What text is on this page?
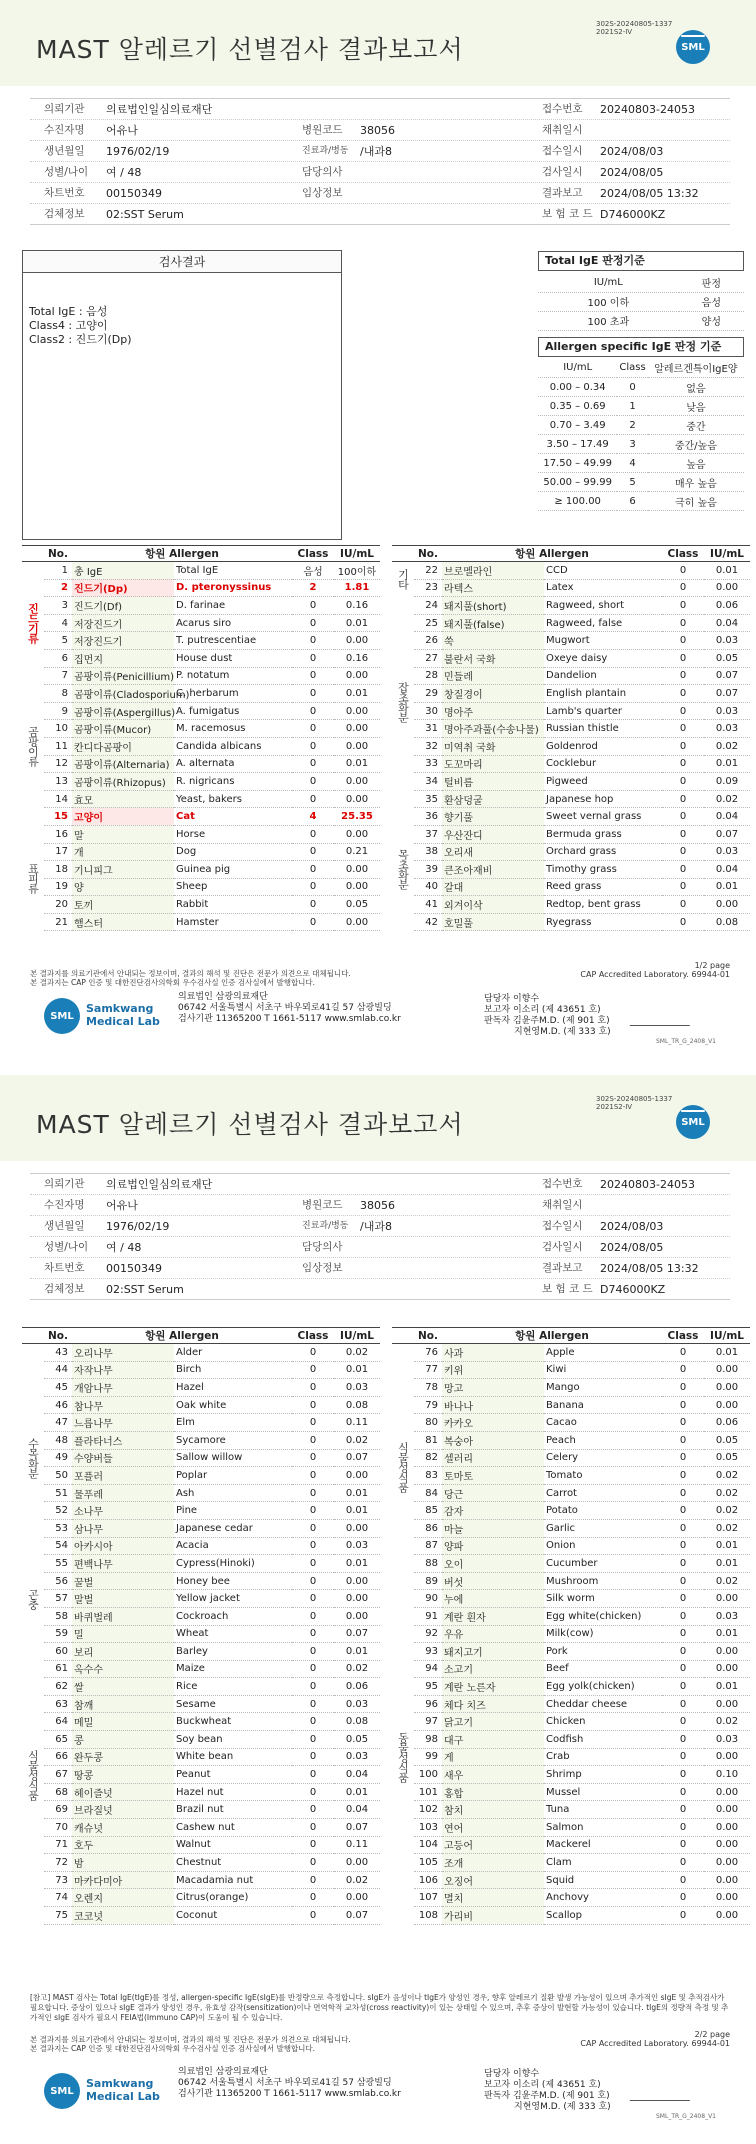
MAST 알레르기 선별검사 결과보고서
302S-20240805-1337
2021S2-IV
SML
의뢰기관 의료법인일심의료재단	접수번호 20240803-24053
수진자명 어유나	병원코드 38056	채취일시
생년월일 1976/02/19	진료과/병동 /내과8	접수일시 2024/08/03
성별/나이 여 / 48	담당의사	검사일시 2024/08/05
차트번호 00150349	임상정보	결과보고 2024/08/05 13:32
검체정보 02:SST Serum	보 험 코 드 D746000KZ
검사결과
Total IgE : 음성
Class4 : 고양이
Class2 : 진드기(Dp)
Total IgE 판정기준
IU/mL	판정
100 이하	음성
100 초과	양성
Allergen specific IgE 판정 기준
IU/mL	Class	알레르겐특이IgE양
0.00 – 0.34	0	없음
0.35 – 0.69	1	낮음
0.70 – 3.49	2	중간
3.50 – 17.49	3	중간/높음
17.50 – 49.99	4	높음
50.00 – 99.99	5	매우 높음
≥ 100.00	6	극히 높음
	No.	항원 Allergen		Class	IU/mL
	1	총 IgE	Total IgE	음성	100이하
진드기류	2	진드기(Dp)	D. pteronyssinus	2	1.81
	3	진드기(Df)	D. farinae	0	0.16
	4	저장진드기	Acarus siro	0	0.01
	5	저장진드기	T. putrescentiae	0	0.00
	6	집먼지	House dust	0	0.16
곰팡이류	7	곰팡이류(Penicillium)	P. notatum	0	0.00
	8	곰팡이류(Cladosporium)	C. herbarum	0	0.01
	9	곰팡이류(Aspergillus)	A. fumigatus	0	0.00
	10	곰팡이류(Mucor)	M. racemosus	0	0.00
	11	칸디다곰팡이	Candida albicans	0	0.00
	12	곰팡이류(Alternaria)	A. alternata	0	0.01
	13	곰팡이류(Rhizopus)	R. nigricans	0	0.00
	14	효모	Yeast, bakers	0	0.00
	15	고양이	Cat	4	25.35
표피류	16	말	Horse	0	0.00
	17	개	Dog	0	0.21
	18	기니피그	Guinea pig	0	0.00
	19	양	Sheep	0	0.00
	20	토끼	Rabbit	0	0.05
	21	햄스터	Hamster	0	0.00
	No.	항원 Allergen		Class	IU/mL
기타	22	브로멜라인	CCD	0	0.01
	23	라텍스	Latex	0	0.00
잡초화분	24	돼지풀(short)	Ragweed, short	0	0.06
	25	돼지풀(false)	Ragweed, false	0	0.04
	26	쑥	Mugwort	0	0.03
	27	불란서 국화	Oxeye daisy	0	0.05
	28	민들레	Dandelion	0	0.07
	29	창질경이	English plantain	0	0.07
	30	명아주	Lamb's quarter	0	0.03
	31	명아주과풀(수송나물)	Russian thistle	0	0.03
	32	미역취 국화	Goldenrod	0	0.02
	33	도꼬마리	Cocklebur	0	0.01
	34	털비름	Pigweed	0	0.09
	35	환삼덩굴	Japanese hop	0	0.02
목초화분	36	향기풀	Sweet vernal grass	0	0.04
	37	우산잔디	Bermuda grass	0	0.07
	38	오리새	Orchard grass	0	0.03
	39	큰조아재비	Timothy grass	0	0.04
	40	갈대	Reed grass	0	0.01
	41	외겨이삭	Redtop, bent grass	0	0.00
	42	호밀풀	Ryegrass	0	0.08
본 결과지를 의료기관에서 안내되는 정보이며, 결과의 해석 및 진단은 전문가 의견으로 대체됩니다.
본 결과지는 CAP 인증 및 대한진단검사의학회 우수검사실 인증 검사실에서 발행합니다.
1/2 page
CAP Accredited Laboratory. 69944-01
SML
Samkwang
Medical Lab
의료법인 삼광의료재단
06742 서울특별시 서초구 바우뫼로41길 57 삼광빌딩
검사기관 11365200 T 1661-5117 www.smlab.co.kr
담당자 이향수
보고자 이소리 (제 43651 호)
판독자 김윤주M.D. (제 901 호)
지현영M.D. (제 333 호)
SML_TR_G_2408_V1
MAST 알레르기 선별검사 결과보고서
302S-20240805-1337
2021S2-IV
SML
의뢰기관 의료법인일심의료재단	접수번호 20240803-24053
수진자명 어유나	병원코드 38056	채취일시
생년월일 1976/02/19	진료과/병동 /내과8	접수일시 2024/08/03
성별/나이 여 / 48	담당의사	검사일시 2024/08/05
차트번호 00150349	임상정보	결과보고 2024/08/05 13:32
검체정보 02:SST Serum	보 험 코 드 D746000KZ
	No.	항원 Allergen		Class	IU/mL
수목화분	43	오리나무	Alder	0	0.02
	44	자작나무	Birch	0	0.01
	45	개암나무	Hazel	0	0.03
	46	참나무	Oak white	0	0.08
	47	느릅나무	Elm	0	0.11
	48	플라타너스	Sycamore	0	0.02
	49	수양버들	Sallow willow	0	0.07
	50	포플러	Poplar	0	0.00
	51	물푸레	Ash	0	0.01
	52	소나무	Pine	0	0.01
	53	삼나무	Japanese cedar	0	0.00
	54	아카시아	Acacia	0	0.03
	55	편백나무	Cypress(Hinoki)	0	0.01
곤충	56	꿀벌	Honey bee	0	0.00
	57	말벌	Yellow jacket	0	0.00
	58	바퀴벌레	Cockroach	0	0.00
식물성식품	59	밀	Wheat	0	0.07
	60	보리	Barley	0	0.01
	61	옥수수	Maize	0	0.02
	62	쌀	Rice	0	0.06
	63	참깨	Sesame	0	0.03
	64	메밀	Buckwheat	0	0.08
	65	콩	Soy bean	0	0.05
	66	완두콩	White bean	0	0.03
	67	땅콩	Peanut	0	0.04
	68	헤이즐넛	Hazel nut	0	0.01
	69	브라질넛	Brazil nut	0	0.04
	70	캐슈넛	Cashew nut	0	0.07
	71	호두	Walnut	0	0.11
	72	밤	Chestnut	0	0.00
	73	마카다미아	Macadamia nut	0	0.02
	74	오렌지	Citrus(orange)	0	0.00
	75	코코넛	Coconut	0	0.07
	No.	항원 Allergen		Class	IU/mL
식물성식품	76	사과	Apple	0	0.01
	77	키위	Kiwi	0	0.00
	78	망고	Mango	0	0.00
	79	바나나	Banana	0	0.00
	80	카카오	Cacao	0	0.06
	81	복숭아	Peach	0	0.05
	82	셀러리	Celery	0	0.05
	83	토마토	Tomato	0	0.02
	84	당근	Carrot	0	0.02
	85	감자	Potato	0	0.02
	86	마늘	Garlic	0	0.02
	87	양파	Onion	0	0.01
	88	오이	Cucumber	0	0.01
	89	버섯	Mushroom	0	0.02
동물성식품	90	누에	Silk worm	0	0.00
	91	계란 흰자	Egg white(chicken)	0	0.03
	92	우유	Milk(cow)	0	0.01
	93	돼지고기	Pork	0	0.00
	94	소고기	Beef	0	0.00
	95	계란 노른자	Egg yolk(chicken)	0	0.01
	96	체다 치즈	Cheddar cheese	0	0.00
	97	닭고기	Chicken	0	0.02
	98	대구	Codfish	0	0.03
	99	게	Crab	0	0.00
	100	새우	Shrimp	0	0.10
	101	홍합	Mussel	0	0.00
	102	참치	Tuna	0	0.00
	103	연어	Salmon	0	0.00
	104	고등어	Mackerel	0	0.00
	105	조개	Clam	0	0.00
	106	오징어	Squid	0	0.00
	107	멸치	Anchovy	0	0.00
	108	가리비	Scallop	0	0.00
[참고] MAST 검사는 Total IgE(tIgE)를 정성, allergen-specific IgE(sIgE)를 반정량으로 측정합니다. sIgE가 음성이나 tIgE가 양성인 경우, 향후 알레르기 질환 발생 가능성이 있으며 추가적인 sIgE 및 추적검사가 필요합니다. 증상이 있으나 sIgE 결과가 양성인 경우, 유효성 감작(sensitization)이나 면역학적 교차성(cross reactivity)이 있는 상태일 수 있으며, 추후 증상이 발현할 가능성이 있습니다. tIgE의 정량적 측정 및 추가적인 sIgE 검사가 필요시 FEIA법(Immuno CAP)이 도움이 될 수 있습니다.
2/2 page
CAP Accredited Laboratory. 69944-01
본 결과지를 의료기관에서 안내되는 정보이며, 결과의 해석 및 진단은 전문가 의견으로 대체됩니다.
본 결과지는 CAP 인증 및 대한진단검사의학회 우수검사실 인증 검사실에서 발행합니다.
SML
Samkwang
Medical Lab
의료법인 삼광의료재단
06742 서울특별시 서초구 바우뫼로41길 57 삼광빌딩
검사기관 11365200 T 1661-5117 www.smlab.co.kr
담당자 이향수
보고자 이소리 (제 43651 호)
판독자 김윤주M.D. (제 901 호)
지현영M.D. (제 333 호)
SML_TR_G_2408_V1
